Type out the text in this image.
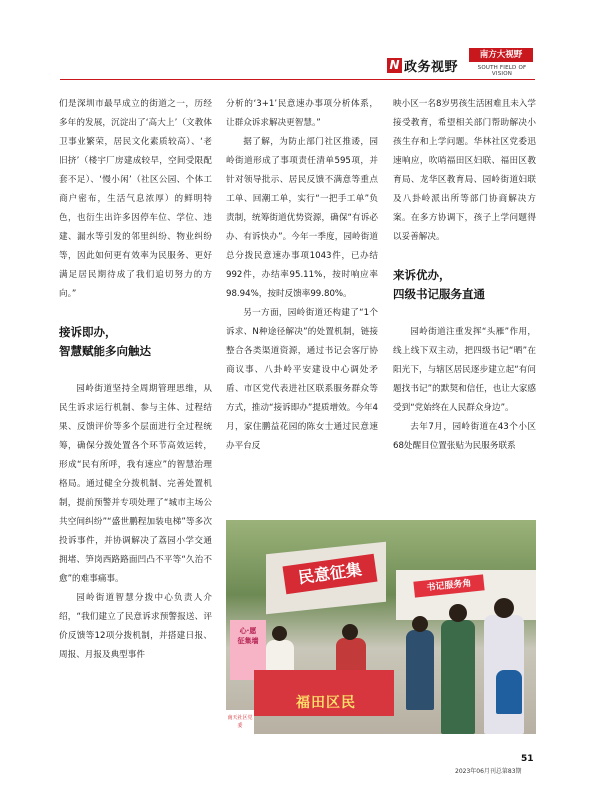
N 政务视野
南方大视野
SOUTH FIELD OF VISION

们是深圳市最早成立的街道之一，历经多年的发展，沉淀出了‘高大上’（文教体卫事业繁荣，居民文化素质较高）、‘老旧挤’（楼宇厂房建成较早，空间受限配套不足）、‘慢小闲’（社区公园、个体工商户密布，生活气息浓厚）的鲜明特色，也衍生出许多因停车位、学位、违建、漏水等引发的邻里纠纷、物业纠纷等，因此如何更有效率为民服务、更好满足居民期待成了我们追切努力的方向。”

接诉即办，

智慧赋能多向触达

园岭街道坚持全周期管理思维，从民生诉求运行机制、参与主体、过程结果、反馈评价等多个层面进行全过程统筹，确保分拨处置各个环节高效运转，形成“民有所呼，我有速应”的智慧治理格局。通过健全分拨机制、完善处置机制，提前预警并专项处理了“城市主场公共空间纠纷”“盛世鹏程加装电梯”等多次投诉事件，并协调解决了荔园小学交通拥堵、笋岗西路路面凹凸不平等“久治不愈”的难事痛事。

园岭街道智慧分拨中心负责人介绍，“我们建立了民意诉求预警报送、评价反馈等12项分拨机制，并搭建日报、周报、月报及典型事件

分析的‘3+1’民意速办事项分析体系，让群众诉求解决更智慧。”

据了解，为防止部门社区推诿，园岭街道形成了事项责任清单595项，并针对领导批示、居民反馈不满意等重点工单、回潮工单，实行“一把手工单”负责制，统筹街道优势资源，确保“有诉必办、有诉快办”。今年一季度，园岭街道总分拨民意速办事项1043件，已办结992件，办结率95.11%，按时响应率98.94%，按时反馈率99.80%。

另一方面，园岭街道还构建了“1个诉求、N种途径解决”的处置机制，链接整合各类渠道资源，通过书记会客厅协商议事、八卦岭平安建设中心调处矛盾、市区党代表进社区联系服务群众等方式，推动“接诉即办”提质增效。今年4月，家住鹏益花园的陈女士通过民意速办平台反

映小区一名8岁男孩生活困难且未入学接受教育，希望相关部门帮助解决小孩生存和上学问题。华林社区党委迅速响应，吹哨福田区妇联、福田区教育局、龙华区教育局、园岭街道妇联及八卦岭派出所等部门协商解决方案。在多方协调下，孩子上学问题得以妥善解决。

来诉优办，

四级书记服务直通

园岭街道注重发挥“头雁”作用，线上线下双主动，把四级书记“晒”在阳光下，与辖区居民逐步建立起“有问题找书记”的默契和信任，也让大家感受到“党始终在人民群众身边”。

去年7月，园岭街道在43个小区68处醒目位置张贴为民服务联系

民意征集	书记服务角
心·愿
征集墙
福田区民
南天社区党委
51
2023年06月刊总第83期
